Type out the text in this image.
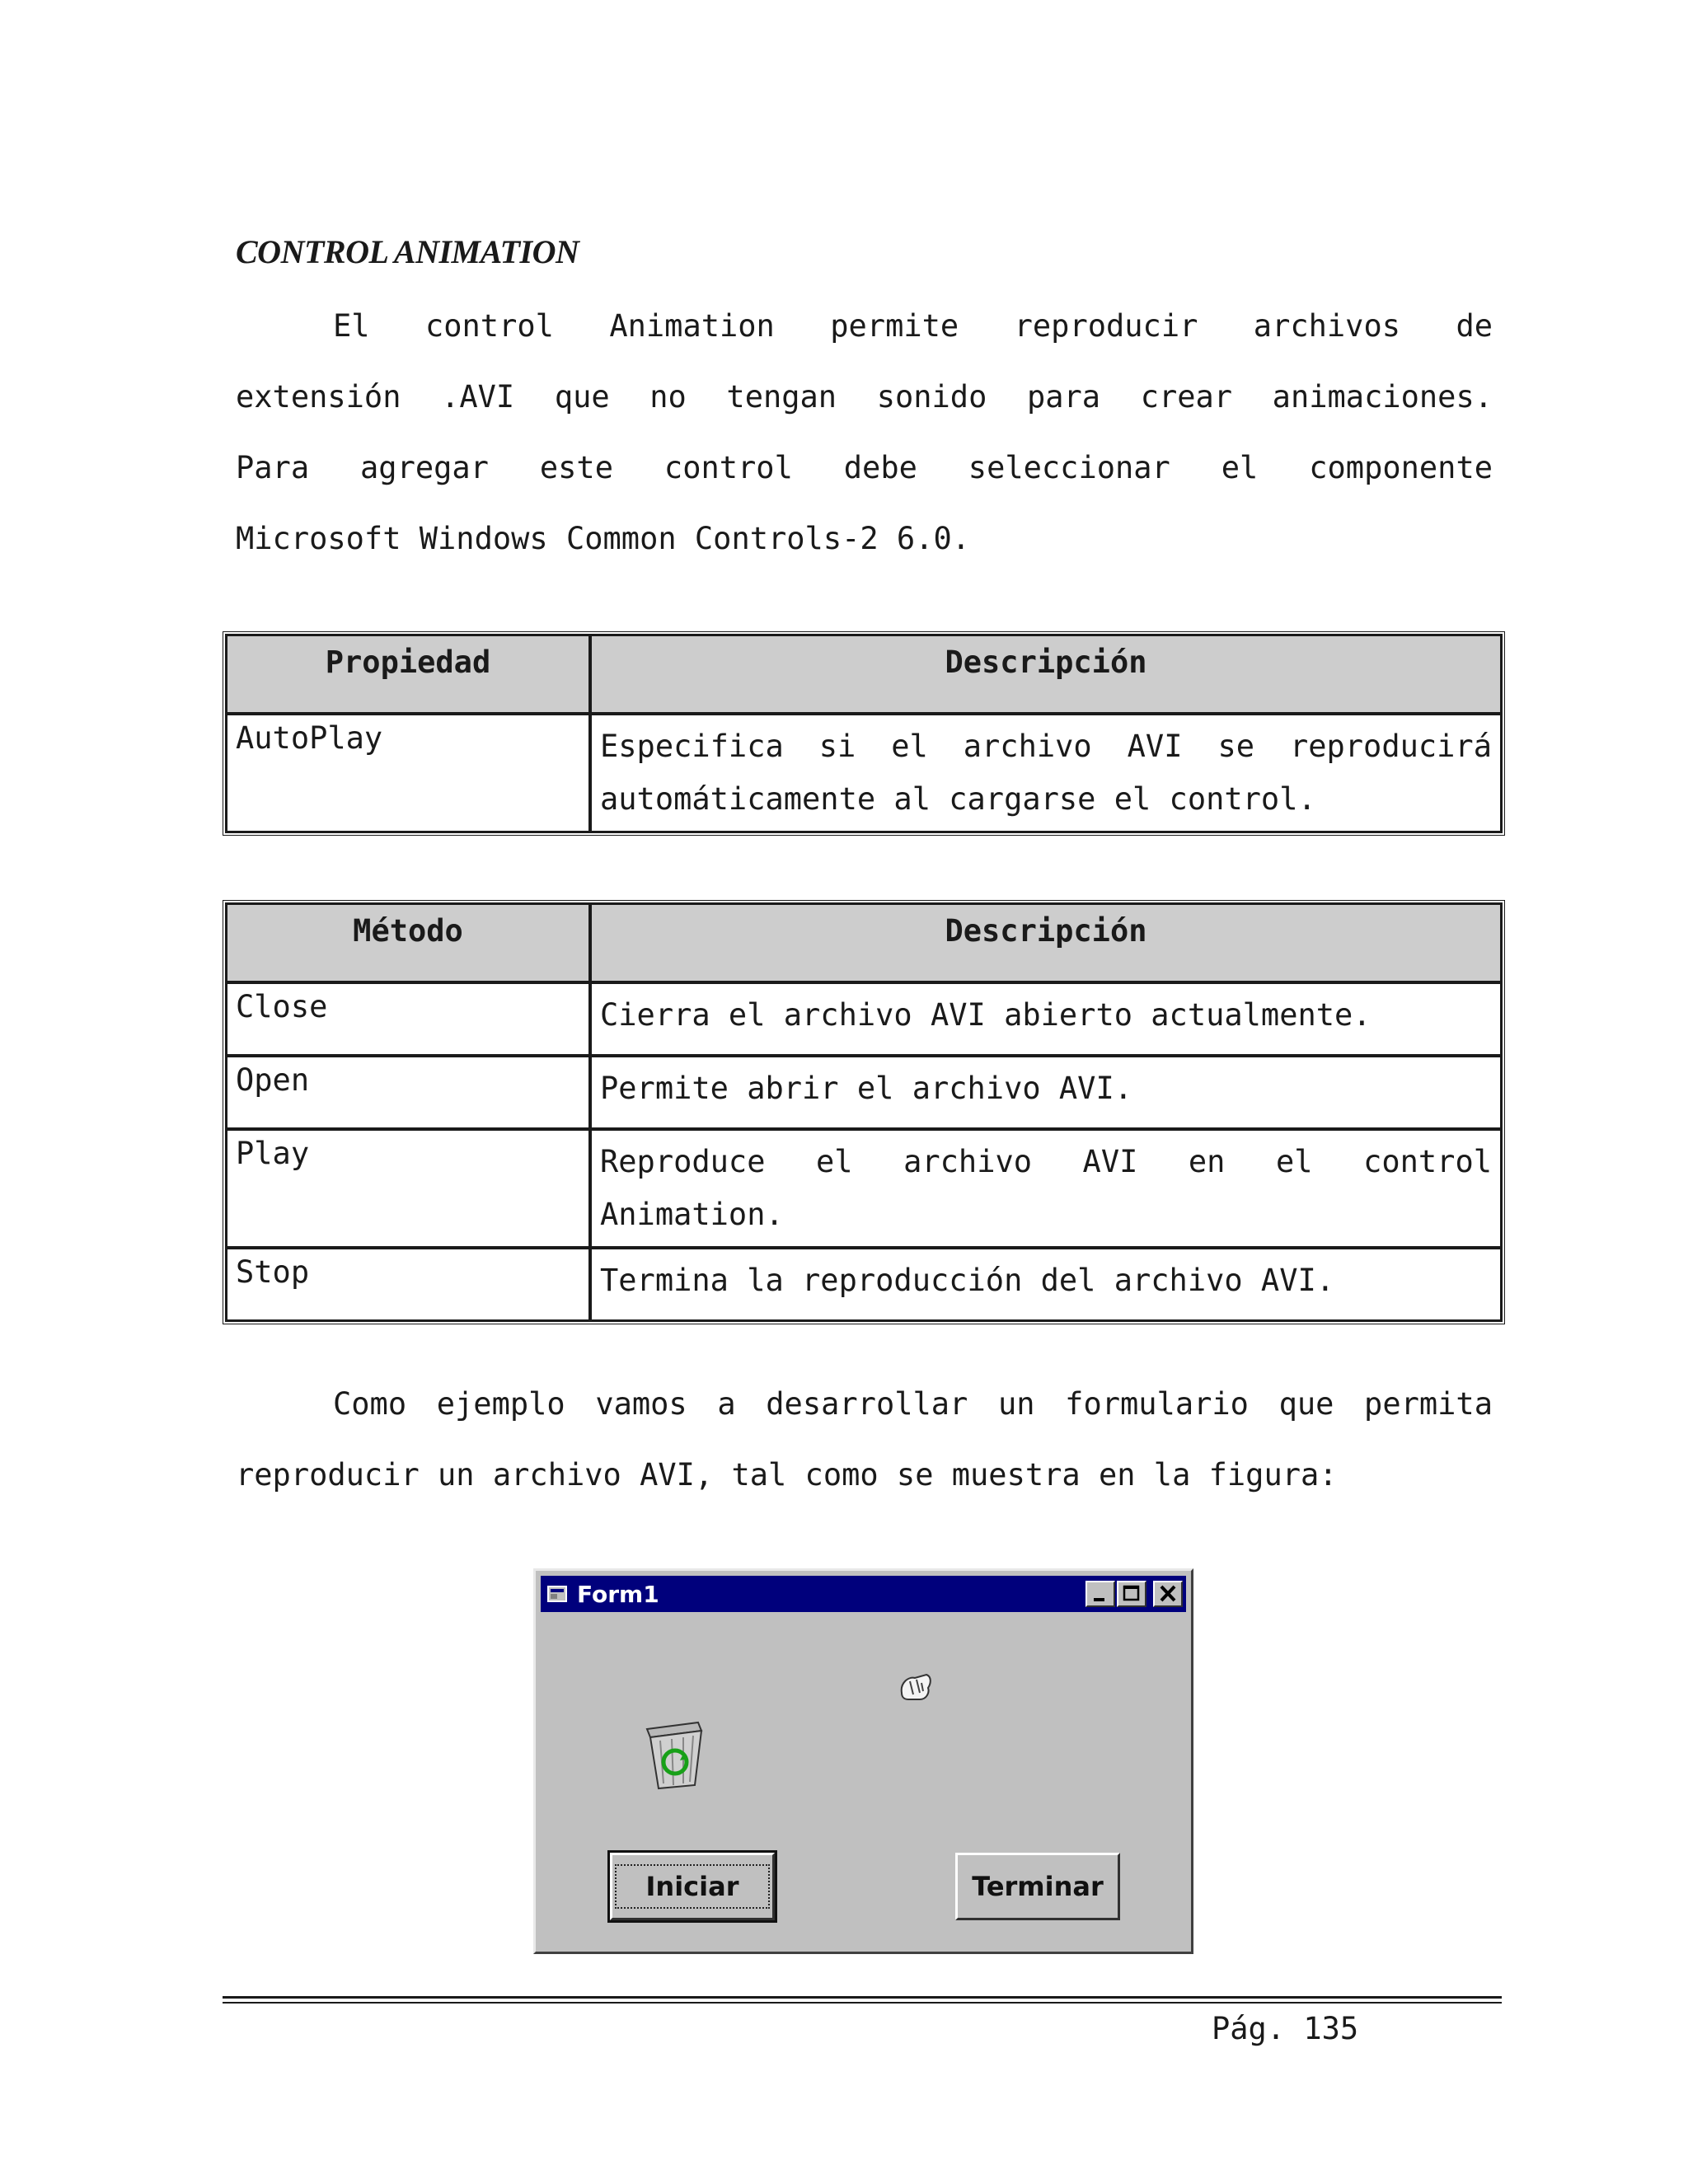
CONTROL ANIMATION
El control Animation permite reproducir archivos de
extensión .AVI que no tengan sonido para crear animaciones.
Para agregar este control debe seleccionar el componente
Microsoft Windows Common Controls-2 6.0.
Propiedad	Descripción
AutoPlay	Especifica si el archivo AVI se reproducirá
automáticamente al cargarse el control.
Método	Descripción
Close	Cierra el archivo AVI abierto actualmente.

Open	Permite abrir el archivo AVI.

Play	Reproduce el archivo AVI en el control
Animation.

Stop	Termina la reproducción del archivo AVI.
Como ejemplo vamos a desarrollar un formulario que permita
reproducir un archivo AVI, tal como se muestra en la figura:
Form1
Iniciar	Terminar
Pág. 135
